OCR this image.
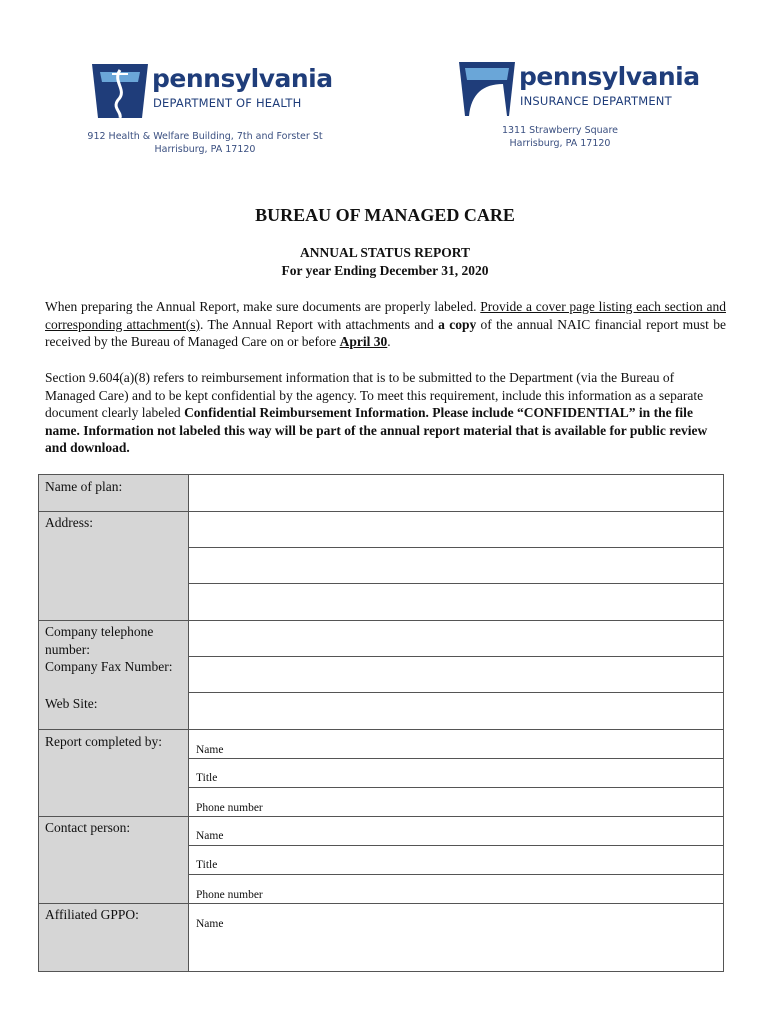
pennsylvania
DEPARTMENT OF HEALTH
912 Health & Welfare Building, 7th and Forster St
Harrisburg, PA 17120
pennsylvania
INSURANCE DEPARTMENT
1311 Strawberry Square
Harrisburg, PA 17120
BUREAU OF MANAGED CARE
ANNUAL STATUS REPORT
For year Ending December 31, 2020
When preparing the Annual Report, make sure documents are properly labeled. Provide a cover page listing each section and corresponding attachment(s). The Annual Report with attachments and a copy of the annual NAIC financial report must be received by the Bureau of Managed Care on or before April 30.
Section 9.604(a)(8) refers to reimbursement information that is to be submitted to the Department (via the Bureau of Managed Care) and to be kept confidential by the agency. To meet this requirement, include this information as a separate document clearly labeled Confidential Reimbursement Information. Please include “CONFIDENTIAL” in the file name. Information not labeled this way will be part of the annual report material that is available for public review and download.
Name of plan:
Address:
Company telephone number:
Company Fax Number:
Web Site:
Report completed by:
Contact person:
Affiliated GPPO:
Name
Title
Phone number
Name
Title
Phone number
Name
